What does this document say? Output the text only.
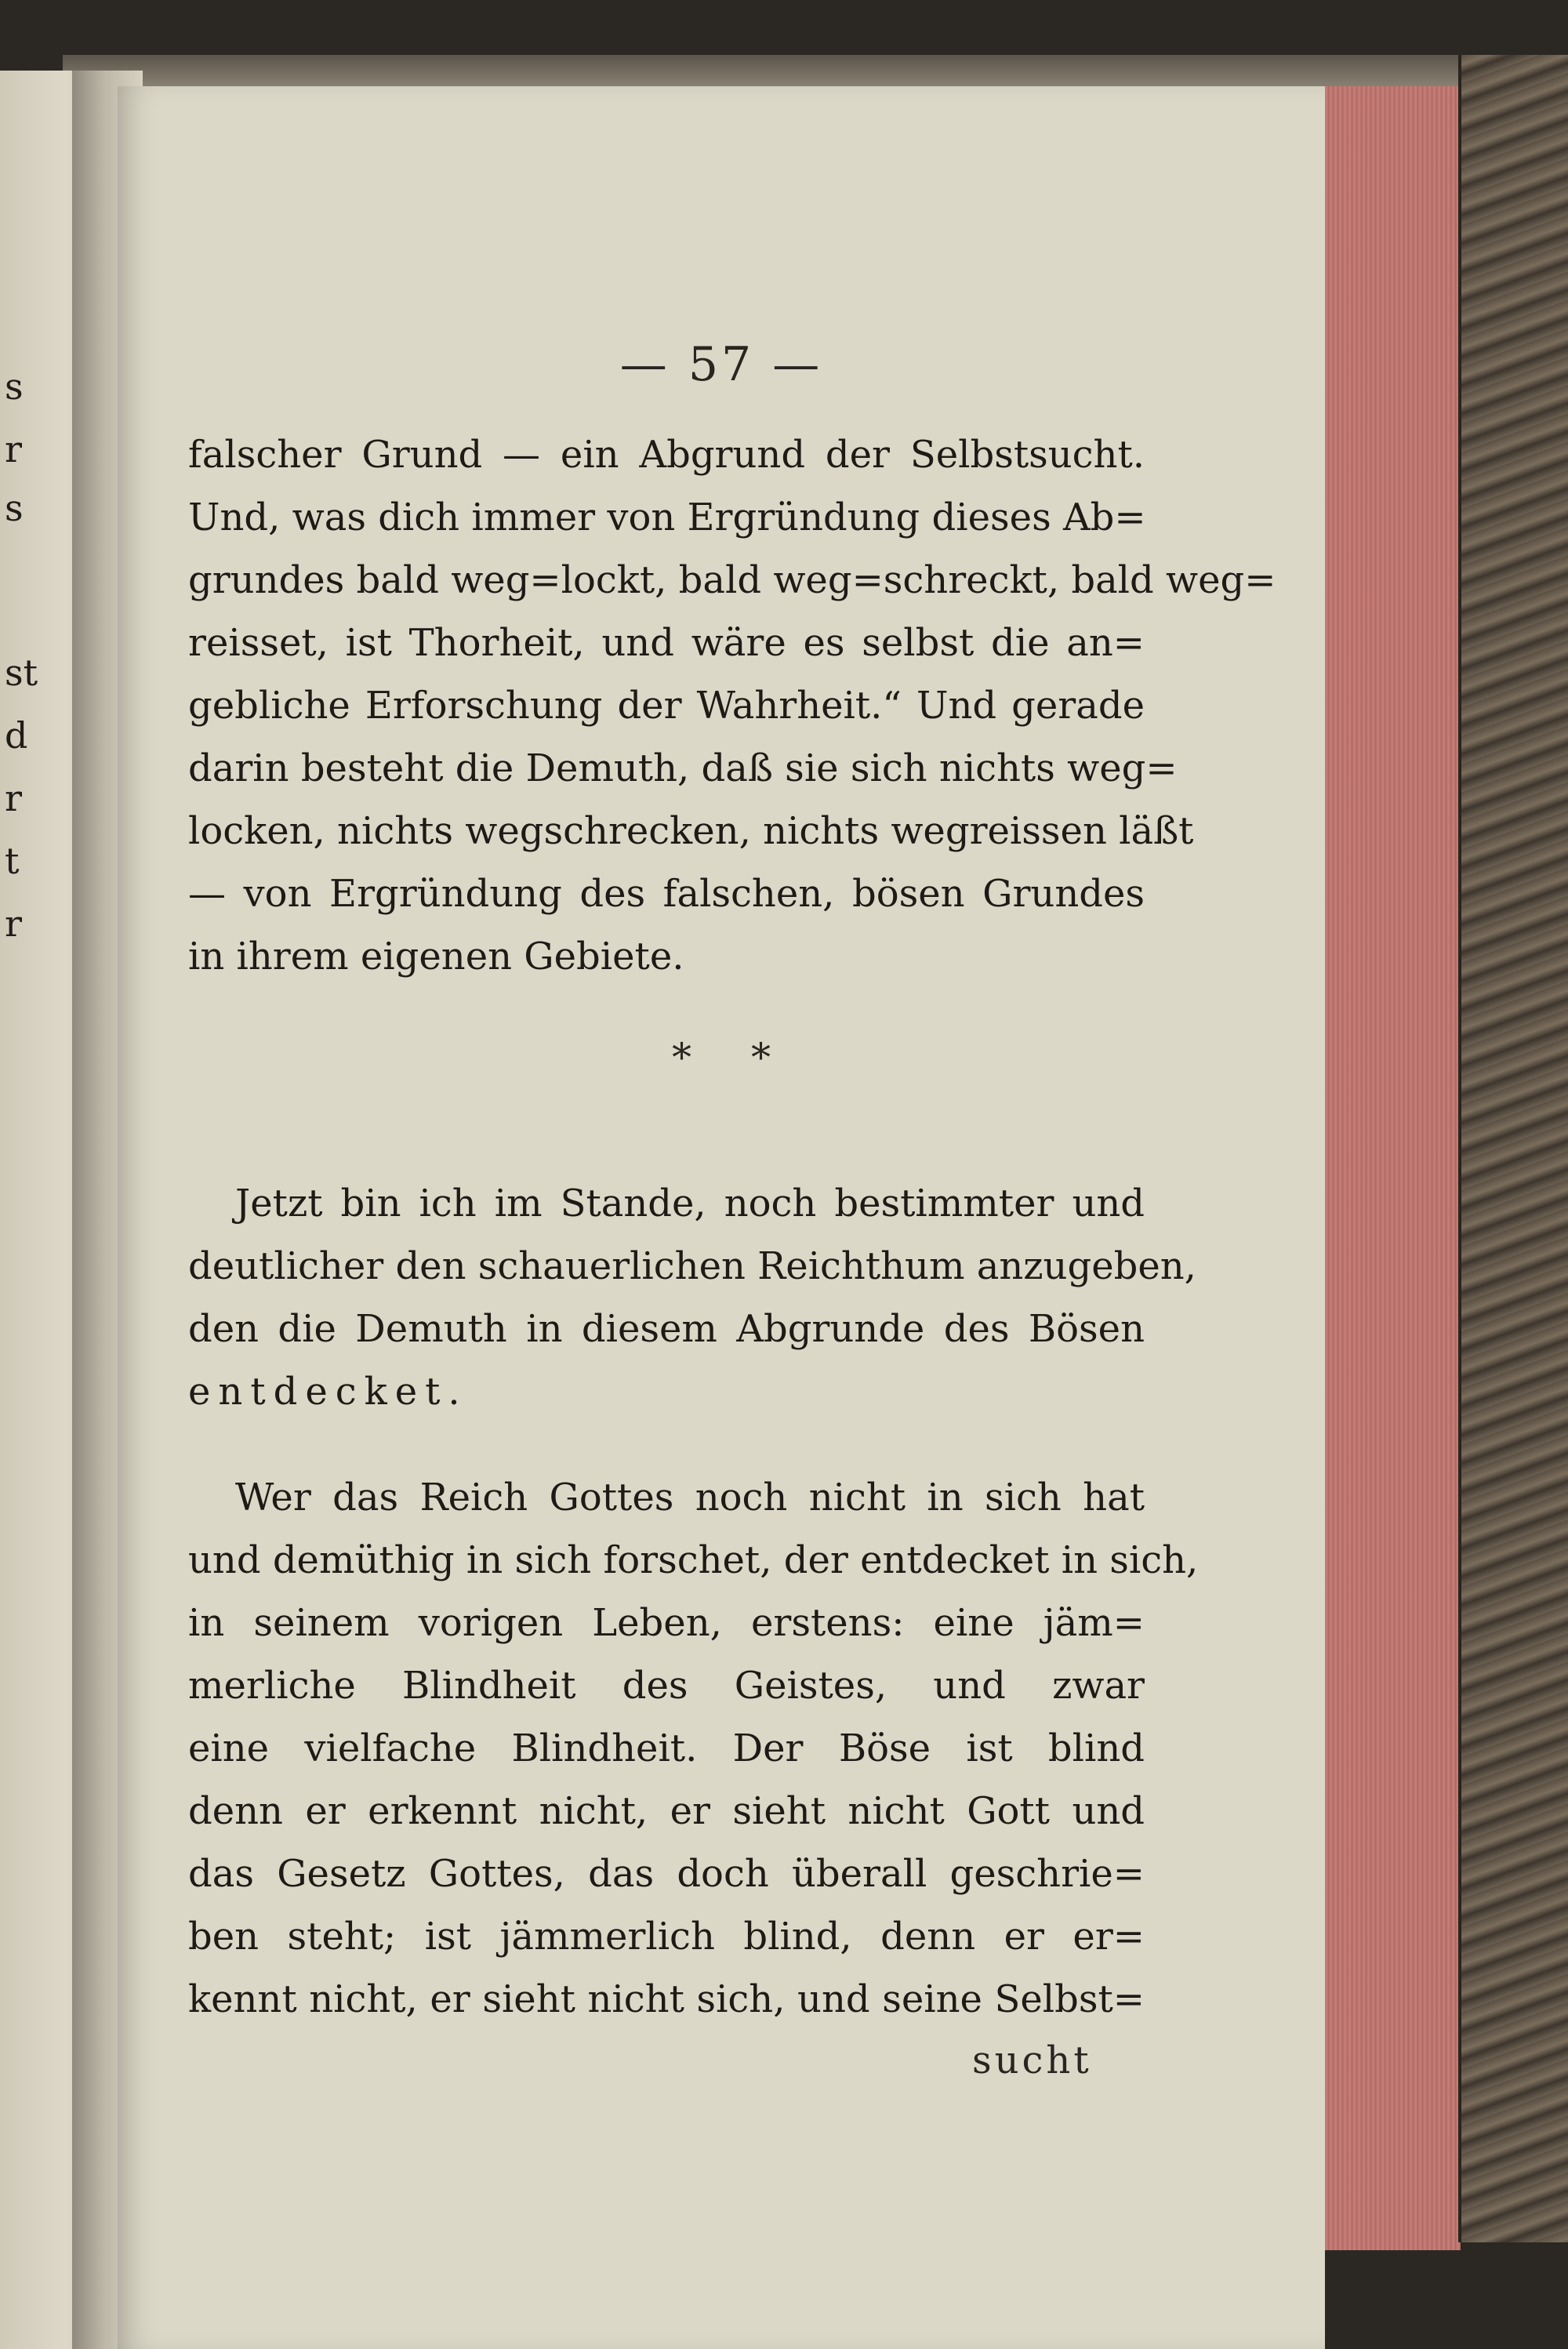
s
r
s
st
d
r
t
r
— 57 —
falscher Grund — ein Abgrund der Selbstsucht.
Und, was dich immer von Ergründung dieses Ab=
grundes bald weg=lockt, bald weg=schreckt, bald weg=
reisset, ist Thorheit, und wäre es selbst die an=
gebliche Erforschung der Wahrheit.“ Und gerade
darin besteht die Demuth, daß sie sich nichts weg=
locken, nichts wegschrecken, nichts wegreissen läßt
— von Ergründung des falschen, bösen Grundes
in ihrem eigenen Gebiete.
* *
Jetzt bin ich im Stande, noch bestimmter und
deutlicher den schauerlichen Reichthum anzugeben,
den die Demuth in diesem Abgrunde des Bösen
entdecket.
Wer das Reich Gottes noch nicht in sich hat
und demüthig in sich forschet, der entdecket in sich,
in seinem vorigen Leben, erstens: eine jäm=
merliche Blindheit des Geistes, und zwar
eine vielfache Blindheit. Der Böse ist blind
denn er erkennt nicht, er sieht nicht Gott und
das Gesetz Gottes, das doch überall geschrie=
ben steht; ist jämmerlich blind, denn er er=
kennt nicht, er sieht nicht sich, und seine Selbst=
sucht
